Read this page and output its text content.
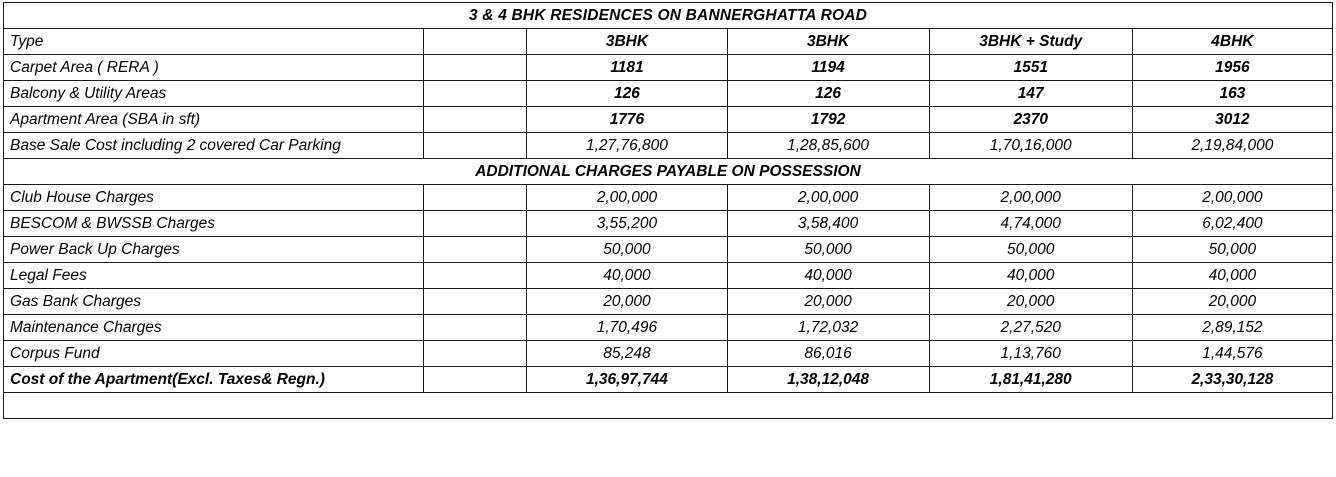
3 & 4 BHK RESIDENCES ON BANNERGHATTA ROAD					
Type		3BHK	3BHK	3BHK + Study	4BHK
Carpet Area ( RERA )		1181	1194	1551	1956
Balcony & Utility Areas		126	126	147	163
Apartment Area (SBA in sft)		1776	1792	2370	3012
Base Sale Cost including 2 covered Car Parking		1,27,76,800	1,28,85,600	1,70,16,000	2,19,84,000
ADDITIONAL CHARGES PAYABLE ON POSSESSION					
Club House Charges		2,00,000	2,00,000	2,00,000	2,00,000
BESCOM & BWSSB Charges		3,55,200	3,58,400	4,74,000	6,02,400
Power Back Up Charges		50,000	50,000	50,000	50,000
Legal Fees		40,000	40,000	40,000	40,000
Gas Bank Charges		20,000	20,000	20,000	20,000
Maintenance Charges		1,70,496	1,72,032	2,27,520	2,89,152
Corpus Fund		85,248	86,016	1,13,760	1,44,576
Cost of the Apartment(Excl. Taxes& Regn.)		1,36,97,744	1,38,12,048	1,81,41,280	2,33,30,128
